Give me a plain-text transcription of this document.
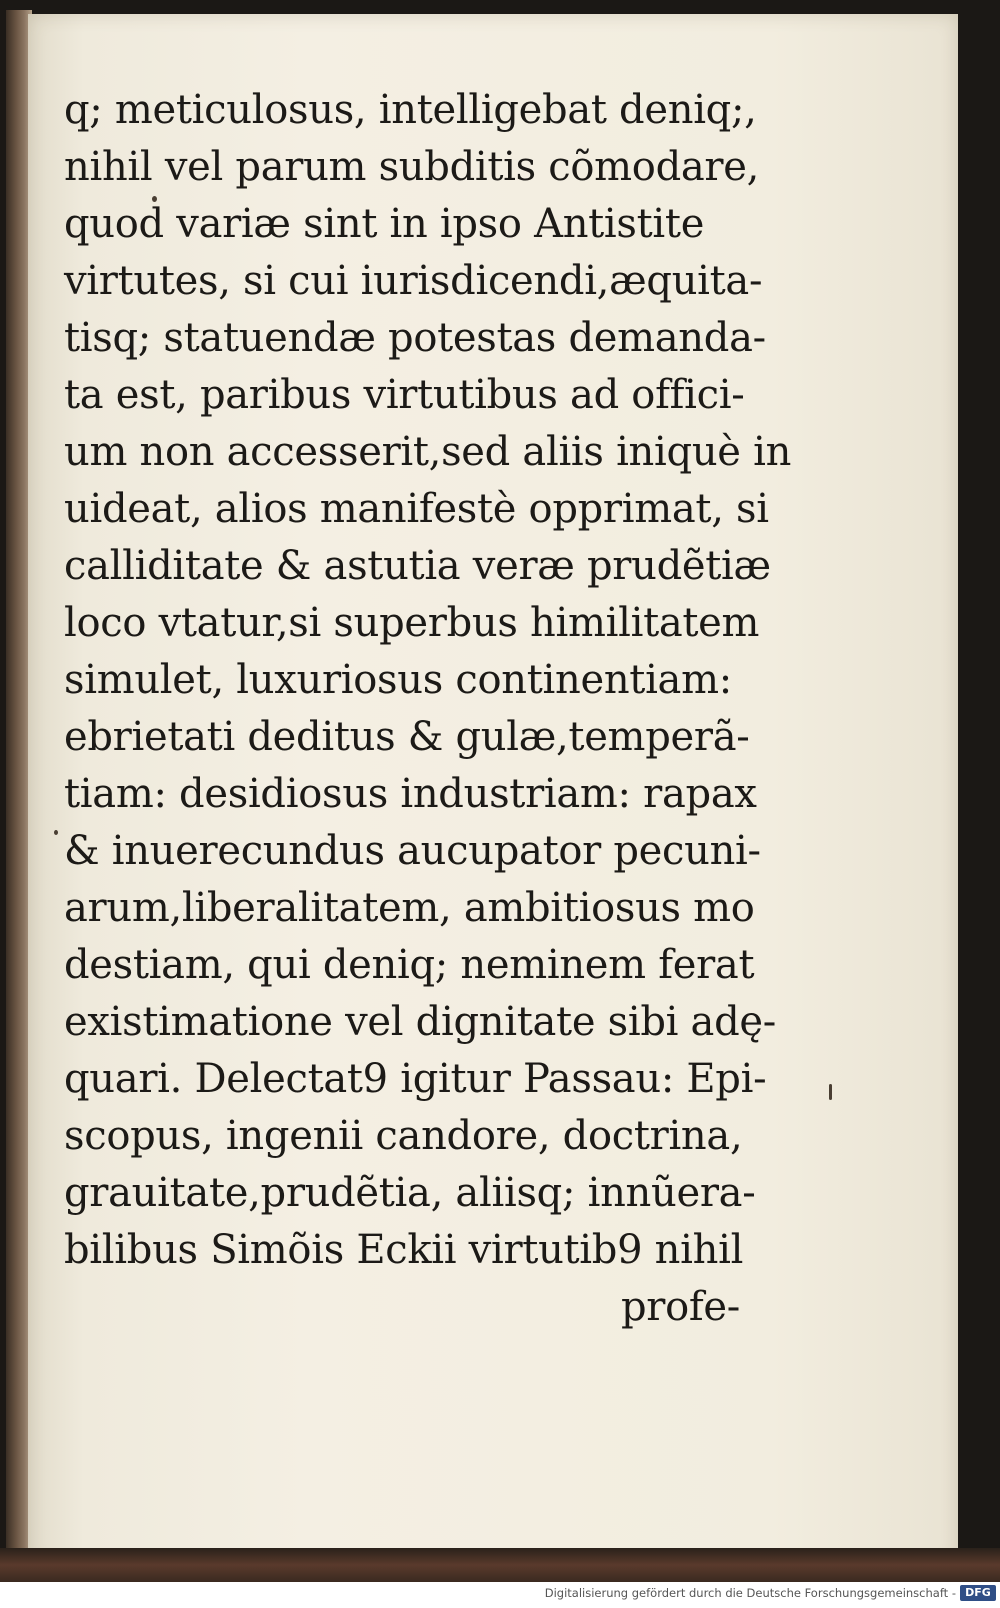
q; meticulosus, intelligebat deniq;,
nihil vel parum subditis cõmodare,
quod variæ sint in ipso Antistite
virtutes, si cui iurisdicendi,æquita-
tisq; statuendæ potestas demanda-
ta est, paribus virtutibus ad offici-
um non accesserit,sed aliis iniquè in
uideat, alios manifestè opprimat, si
calliditate & astutia veræ prudẽtiæ
loco vtatur,si superbus himilitatem
simulet, luxuriosus continentiam:
ebrietati deditus & gulæ,temperã-
tiam: desidiosus industriam: rapax
& inuerecundus aucupator pecuni-
arum,liberalitatem, ambitiosus mo
destiam, qui deniq; neminem ferat
existimatione vel dignitate sibi adę-
quari. Delectat9 igitur Passau: Epi-
scopus, ingenii candore, doctrina,
grauitate,prudẽtia, aliisq; innũera-
bilibus Simõis Eckii virtutib9 nihil
profe-
Digitalisierung gefördert durch die Deutsche Forschungsgemeinschaft - DFG
